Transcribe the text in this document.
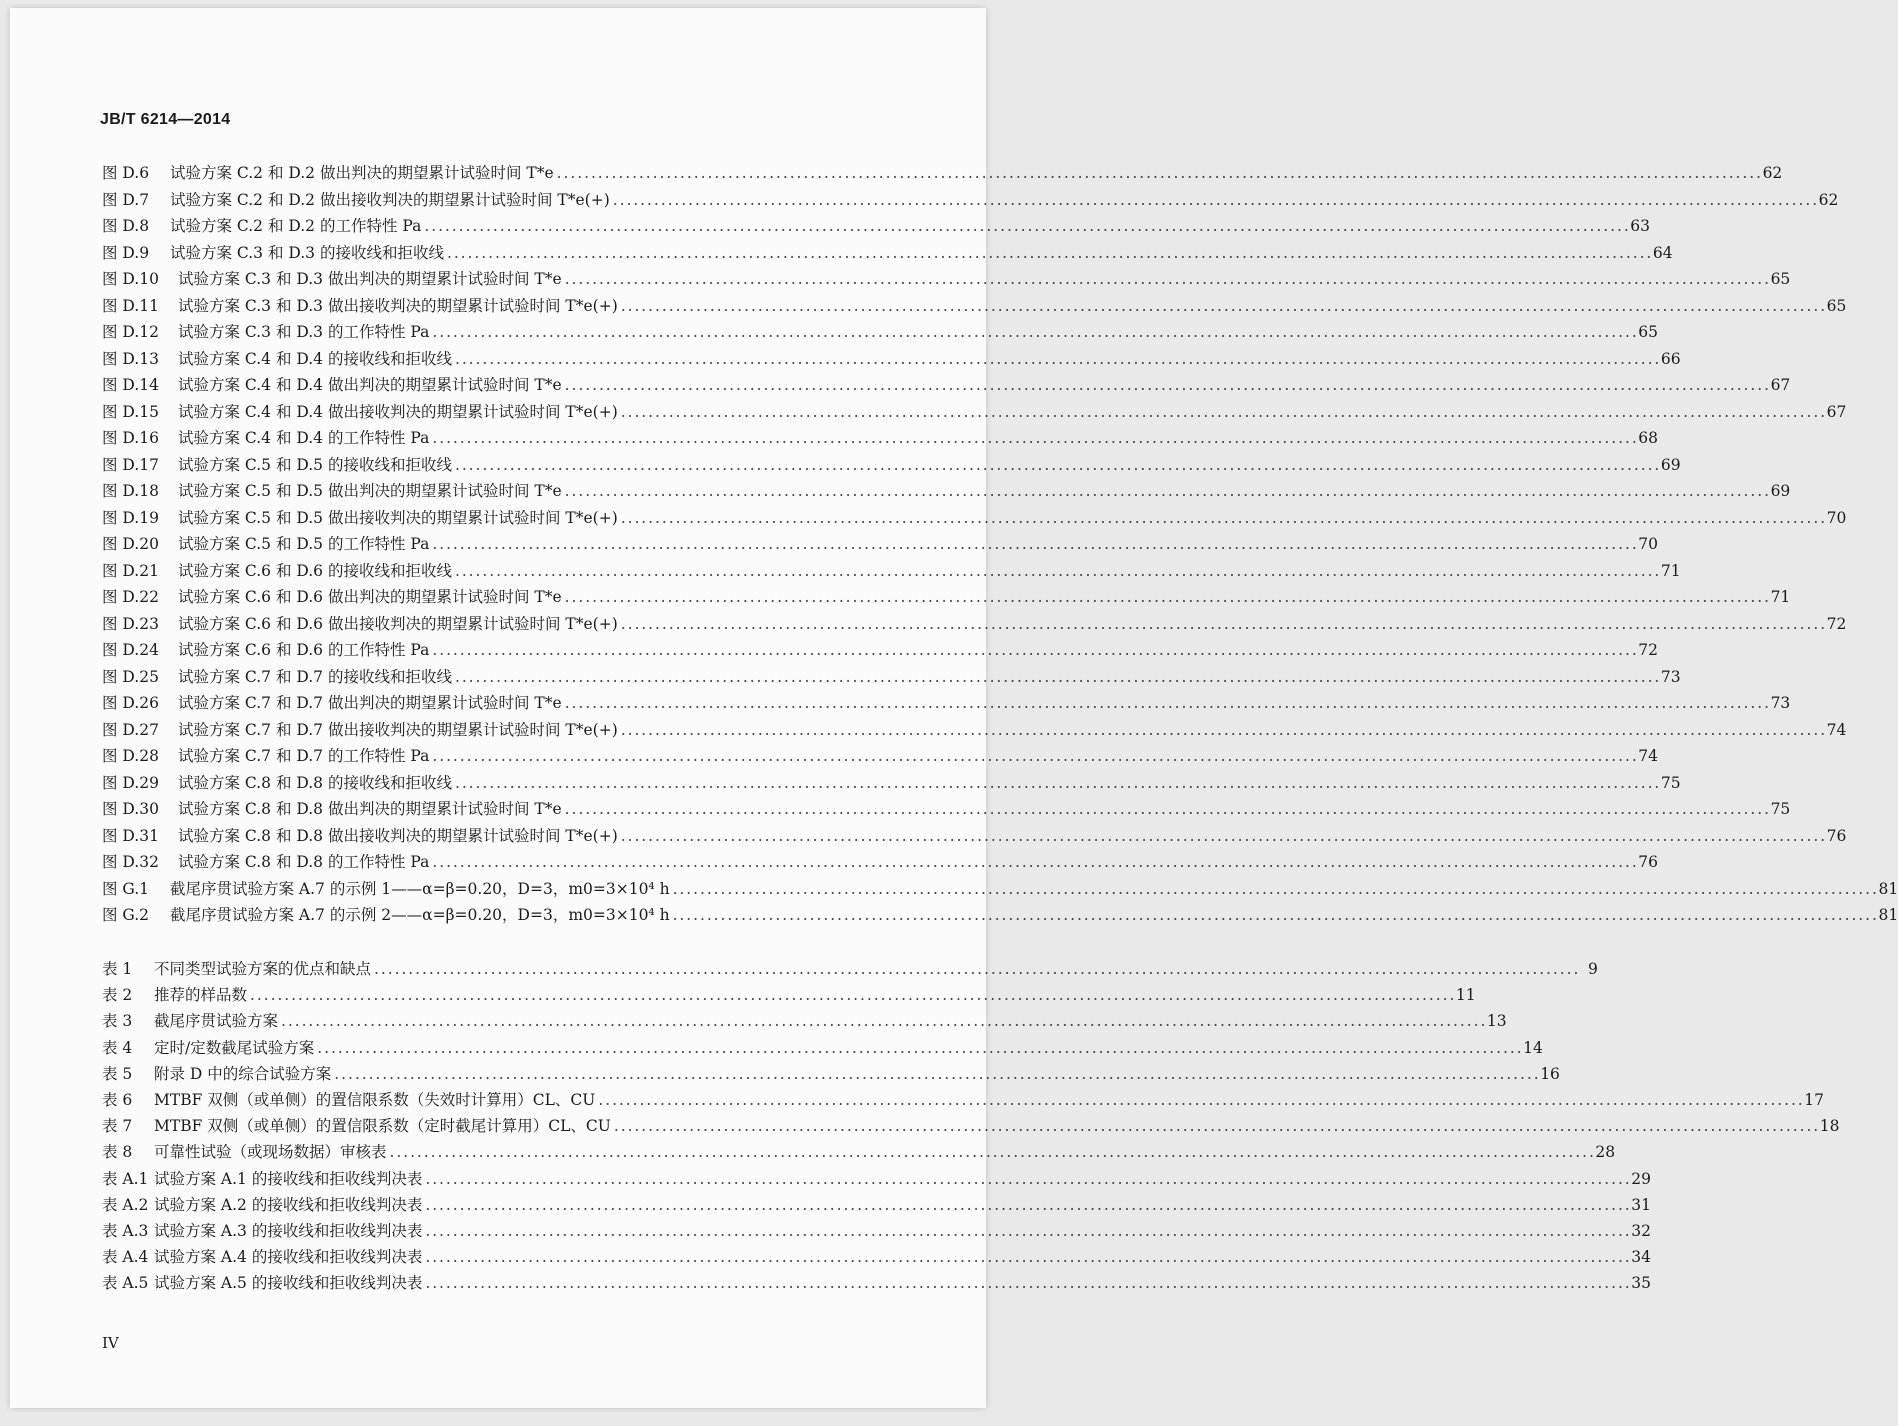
JB/T 6214—2014
图 D.6	试验方案 C.2 和 D.2 做出判决的期望累计试验时间 T*e . . .	62
图 D.7	试验方案 C.2 和 D.2 做出接收判决的期望累计试验时间 T*e(+) . . .	62
图 D.8	试验方案 C.2 和 D.2 的工作特性 Pa . . .	63
图 D.9	试验方案 C.3 和 D.3 的接收线和拒收线 . . .	64
图 D.10	试验方案 C.3 和 D.3 做出判决的期望累计试验时间 T*e . . .	65
图 D.11	试验方案 C.3 和 D.3 做出接收判决的期望累计试验时间 T*e(+) . . .	65
图 D.12	试验方案 C.3 和 D.3 的工作特性 Pa . . .	65
图 D.13	试验方案 C.4 和 D.4 的接收线和拒收线 . . .	66
图 D.14	试验方案 C.4 和 D.4 做出判决的期望累计试验时间 T*e . . .	67
图 D.15	试验方案 C.4 和 D.4 做出接收判决的期望累计试验时间 T*e(+) . . .	67
图 D.16	试验方案 C.4 和 D.4 的工作特性 Pa . . .	68
图 D.17	试验方案 C.5 和 D.5 的接收线和拒收线 . . .	69
图 D.18	试验方案 C.5 和 D.5 做出判决的期望累计试验时间 T*e . . .	69
图 D.19	试验方案 C.5 和 D.5 做出接收判决的期望累计试验时间 T*e(+) . . .	70
图 D.20	试验方案 C.5 和 D.5 的工作特性 Pa . . .	70
图 D.21	试验方案 C.6 和 D.6 的接收线和拒收线 . . .	71
图 D.22	试验方案 C.6 和 D.6 做出判决的期望累计试验时间 T*e . . .	71
图 D.23	试验方案 C.6 和 D.6 做出接收判决的期望累计试验时间 T*e(+) . . .	72
图 D.24	试验方案 C.6 和 D.6 的工作特性 Pa . . .	72
图 D.25	试验方案 C.7 和 D.7 的接收线和拒收线 . . .	73
图 D.26	试验方案 C.7 和 D.7 做出判决的期望累计试验时间 T*e . . .	73
图 D.27	试验方案 C.7 和 D.7 做出接收判决的期望累计试验时间 T*e(+) . . .	74
图 D.28	试验方案 C.7 和 D.7 的工作特性 Pa . . .	74
图 D.29	试验方案 C.8 和 D.8 的接收线和拒收线 . . .	75
图 D.30	试验方案 C.8 和 D.8 做出判决的期望累计试验时间 T*e . . .	75
图 D.31	试验方案 C.8 和 D.8 做出接收判决的期望累计试验时间 T*e(+) . . .	76
图 D.32	试验方案 C.8 和 D.8 的工作特性 Pa . . .	76
图 G.1	截尾序贯试验方案 A.7 的示例 1——α=β=0.20，D=3，m0=3×10⁴ h . . .	81
图 G.2	截尾序贯试验方案 A.7 的示例 2——α=β=0.20，D=3，m0=3×10⁴ h . . .	81
表 1	不同类型试验方案的优点和缺点 . . .	9
表 2	推荐的样品数 . . .	11
表 3	截尾序贯试验方案 . . .	13
表 4	定时/定数截尾试验方案 . . .	14
表 5	附录 D 中的综合试验方案 . . .	16
表 6	MTBF 双侧（或单侧）的置信限系数（失效时计算用）CL、CU . . .	17
表 7	MTBF 双侧（或单侧）的置信限系数（定时截尾计算用）CL、CU . . .	18
表 8	可靠性试验（或现场数据）审核表 . . .	28
表 A.1 试验方案 A.1 的接收线和拒收线判决表 . . .	29
表 A.2 试验方案 A.2 的接收线和拒收线判决表 . . .	31
表 A.3 试验方案 A.3 的接收线和拒收线判决表 . . .	32
表 A.4 试验方案 A.4 的接收线和拒收线判决表 . . .	34
表 A.5 试验方案 A.5 的接收线和拒收线判决表 . . .	35
IV
